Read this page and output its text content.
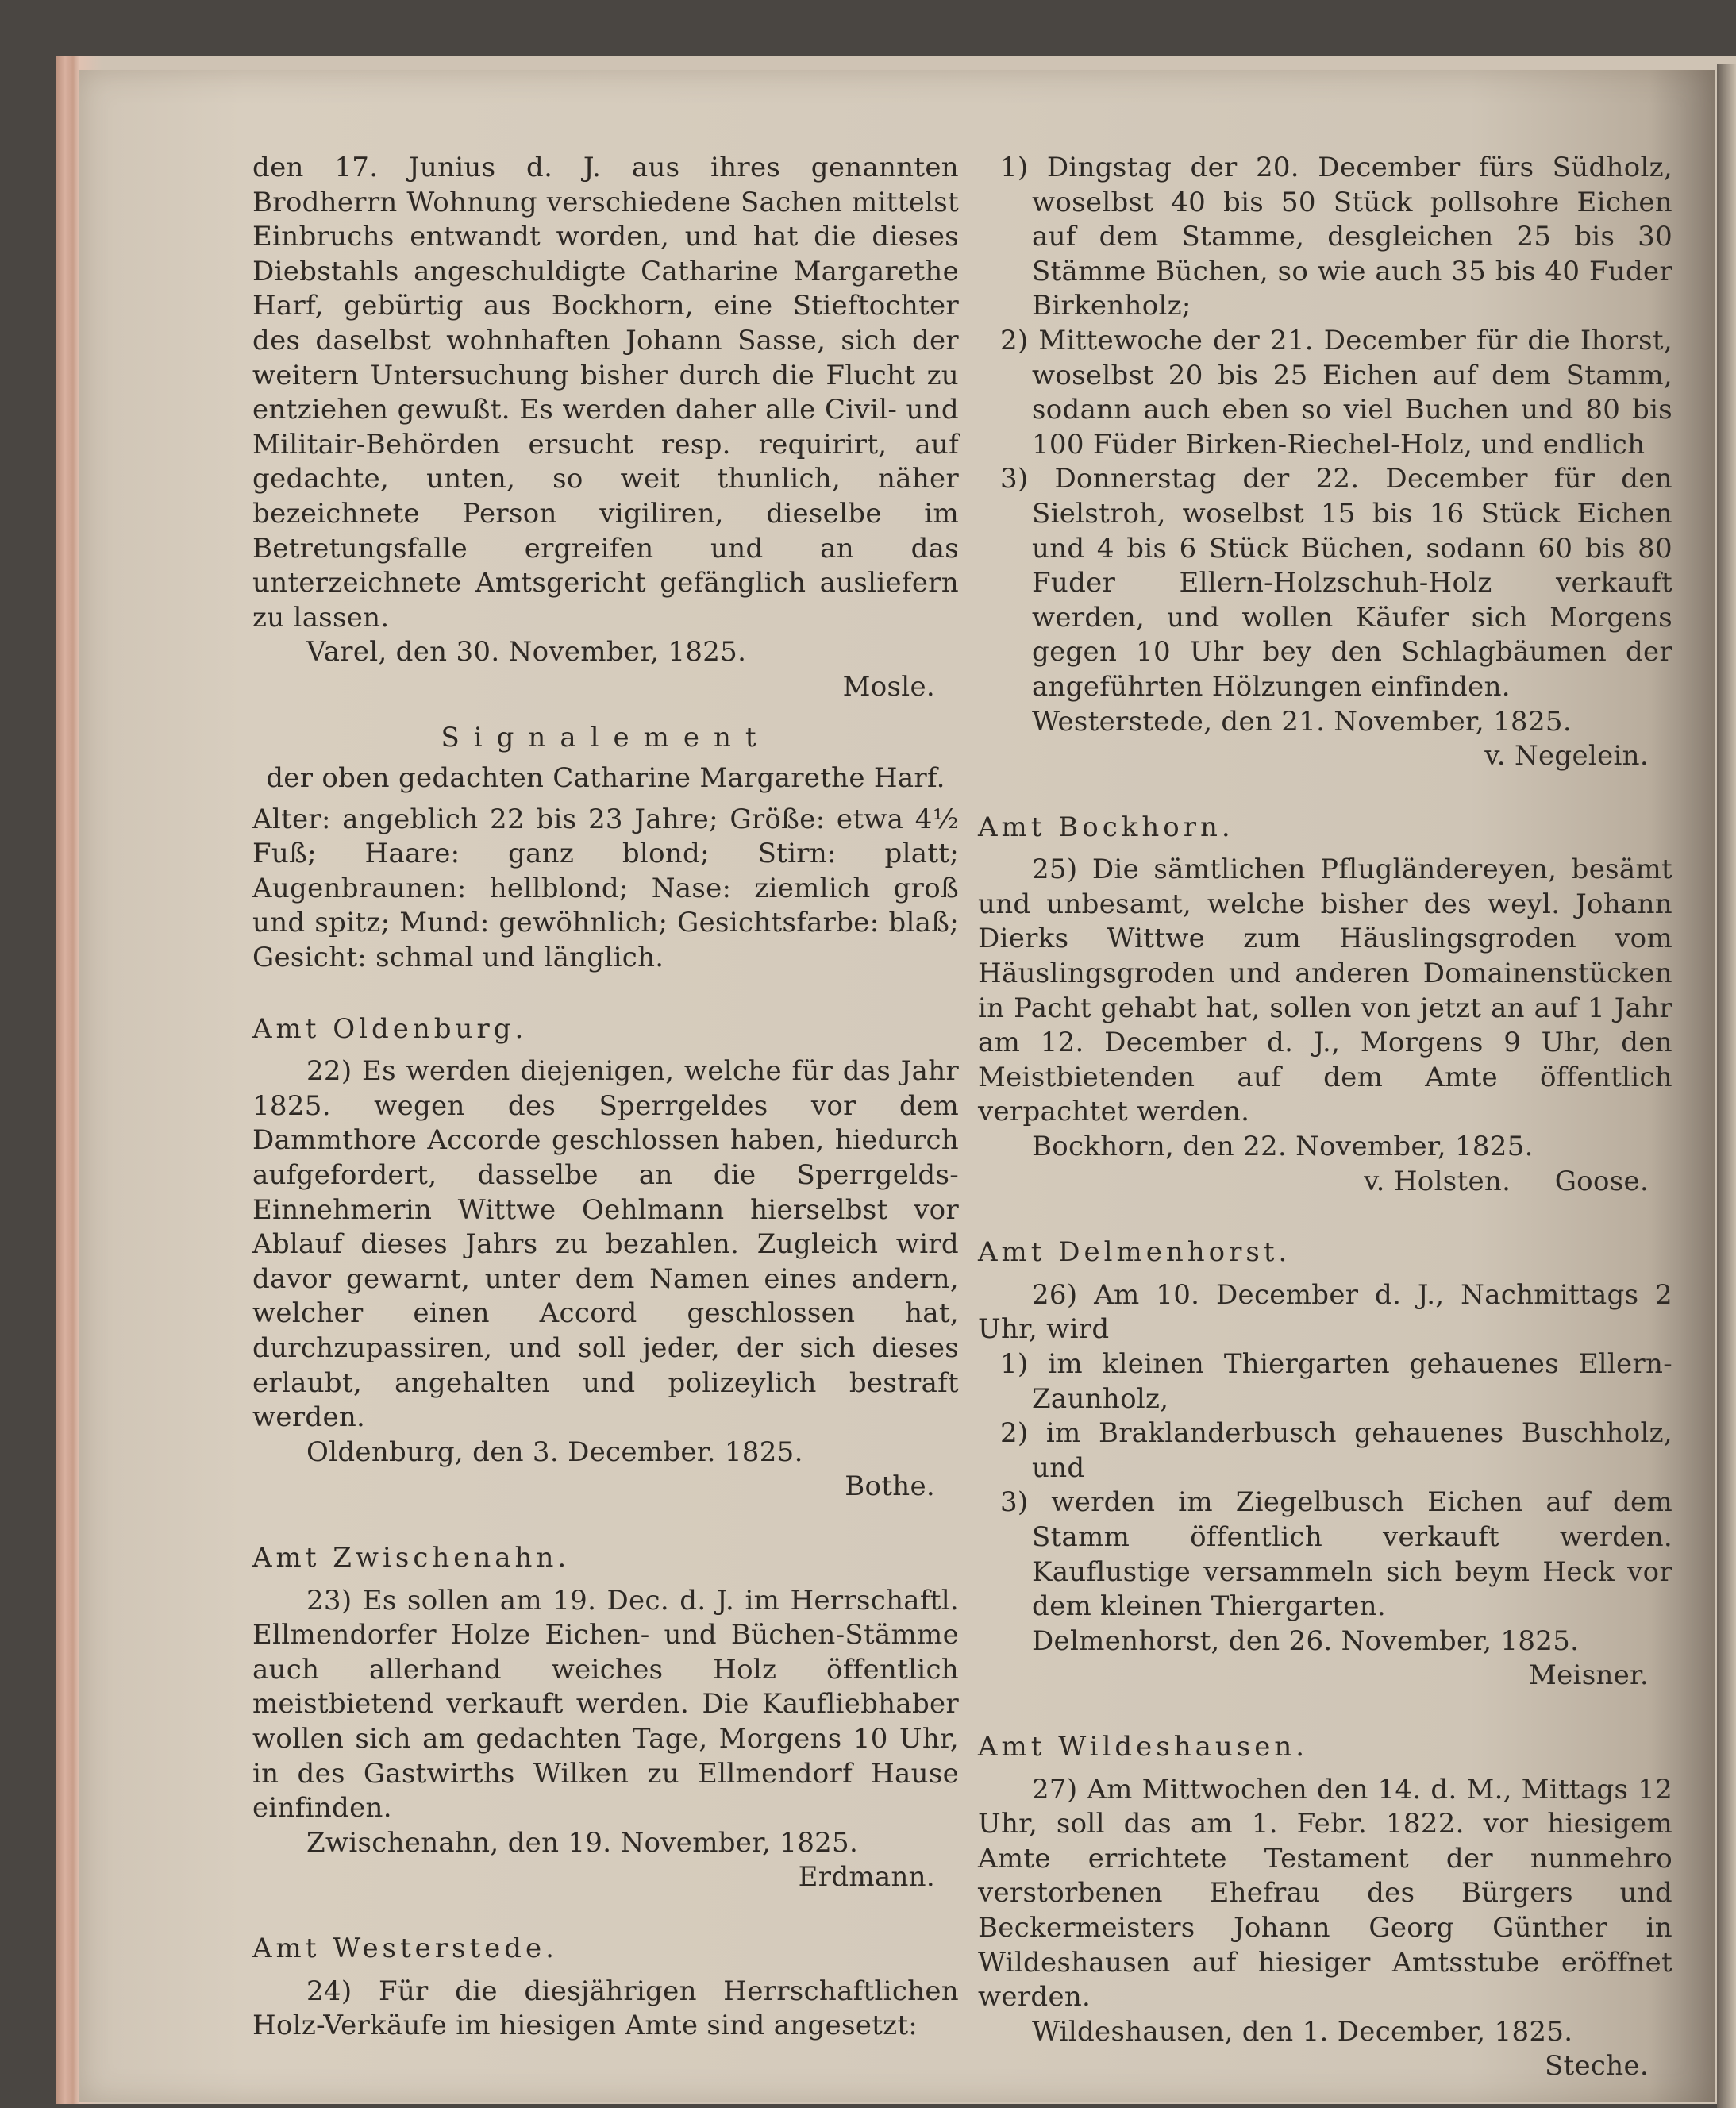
den 17. Junius d. J. aus ihres genannten Brodherrn Wohnung verschiedene Sachen mittelst Einbruchs entwandt worden, und hat die dieses Diebstahls angeschuldigte Catharine Margarethe Harf, gebürtig aus Bockhorn, eine Stieftochter des daselbst wohnhaften Johann Sasse, sich der weitern Untersuchung bisher durch die Flucht zu entziehen gewußt. Es werden daher alle Civil- und Militair-Behörden ersucht resp. requirirt, auf gedachte, unten, so weit thunlich, näher bezeichnete Person vigiliren, dieselbe im Betretungsfalle ergreifen und an das unterzeichnete Amtsgericht gefänglich ausliefern zu lassen.

Varel, den 30. November, 1825.

Mosle.

Signalement

der oben gedachten Catharine Margarethe Harf.

Alter: angeblich 22 bis 23 Jahre; Größe: etwa 4½ Fuß; Haare: ganz blond; Stirn: platt; Augenbraunen: hellblond; Nase: ziemlich groß und spitz; Mund: gewöhnlich; Gesichtsfarbe: blaß; Gesicht: schmal und länglich.

Amt Oldenburg.

22) Es werden diejenigen, welche für das Jahr 1825. wegen des Sperrgeldes vor dem Dammthore Accorde geschlossen haben, hiedurch aufgefordert, dasselbe an die Sperrgelds-Einnehmerin Wittwe Oehlmann hierselbst vor Ablauf dieses Jahrs zu bezahlen. Zugleich wird davor gewarnt, unter dem Namen eines andern, welcher einen Accord geschlossen hat, durchzupassiren, und soll jeder, der sich dieses erlaubt, angehalten und polizeylich bestraft werden.

Oldenburg, den 3. December. 1825.

Bothe.

Amt Zwischenahn.

23) Es sollen am 19. Dec. d. J. im Herrschaftl. Ellmendorfer Holze Eichen- und Büchen-Stämme auch allerhand weiches Holz öffentlich meistbietend verkauft werden. Die Kaufliebhaber wollen sich am gedachten Tage, Morgens 10 Uhr, in des Gastwirths Wilken zu Ellmendorf Hause einfinden.

Zwischenahn, den 19. November, 1825.

Erdmann.

Amt Westerstede.

24) Für die diesjährigen Herrschaftlichen Holz-Verkäufe im hiesigen Amte sind angesetzt:

1) Dingstag der 20. December fürs Südholz, woselbst 40 bis 50 Stück pollsohre Eichen auf dem Stamme, desgleichen 25 bis 30 Stämme Büchen, so wie auch 35 bis 40 Fuder Birkenholz;

2) Mittewoche der 21. December für die Ihorst, woselbst 20 bis 25 Eichen auf dem Stamm, sodann auch eben so viel Buchen und 80 bis 100 Füder Birken-Riechel-Holz, und endlich

3) Donnerstag der 22. December für den Sielstroh, woselbst 15 bis 16 Stück Eichen und 4 bis 6 Stück Büchen, sodann 60 bis 80 Fuder Ellern-Holzschuh-Holz verkauft werden, und wollen Käufer sich Morgens gegen 10 Uhr bey den Schlagbäumen der angeführten Hölzungen einfinden.

Westerstede, den 21. November, 1825.

v. Negelein.

Amt Bockhorn.

25) Die sämtlichen Pflugländereyen, besämt und unbesamt, welche bisher des weyl. Johann Dierks Wittwe zum Häuslingsgroden vom Häuslingsgroden und anderen Domainenstücken in Pacht gehabt hat, sollen von jetzt an auf 1 Jahr am 12. December d. J., Morgens 9 Uhr, den Meistbietenden auf dem Amte öffentlich verpachtet werden.

Bockhorn, den 22. November, 1825.

v. Holsten.     Goose.

Amt Delmenhorst.

26) Am 10. December d. J., Nachmittags 2 Uhr, wird

1) im kleinen Thiergarten gehauenes Ellern-Zaunholz,

2) im Braklanderbusch gehauenes Buschholz, und

3) werden im Ziegelbusch Eichen auf dem Stamm öffentlich verkauft werden. Kauflustige versammeln sich beym Heck vor dem kleinen Thiergarten.

Delmenhorst, den 26. November, 1825.

Meisner.

Amt Wildeshausen.

27) Am Mittwochen den 14. d. M., Mittags 12 Uhr, soll das am 1. Febr. 1822. vor hiesigem Amte errichtete Testament der nunmehro verstorbenen Ehefrau des Bürgers und Beckermeisters Johann Georg Günther in Wildeshausen auf hiesiger Amtsstube eröffnet werden.

Wildeshausen, den 1. December, 1825.

Steche.
